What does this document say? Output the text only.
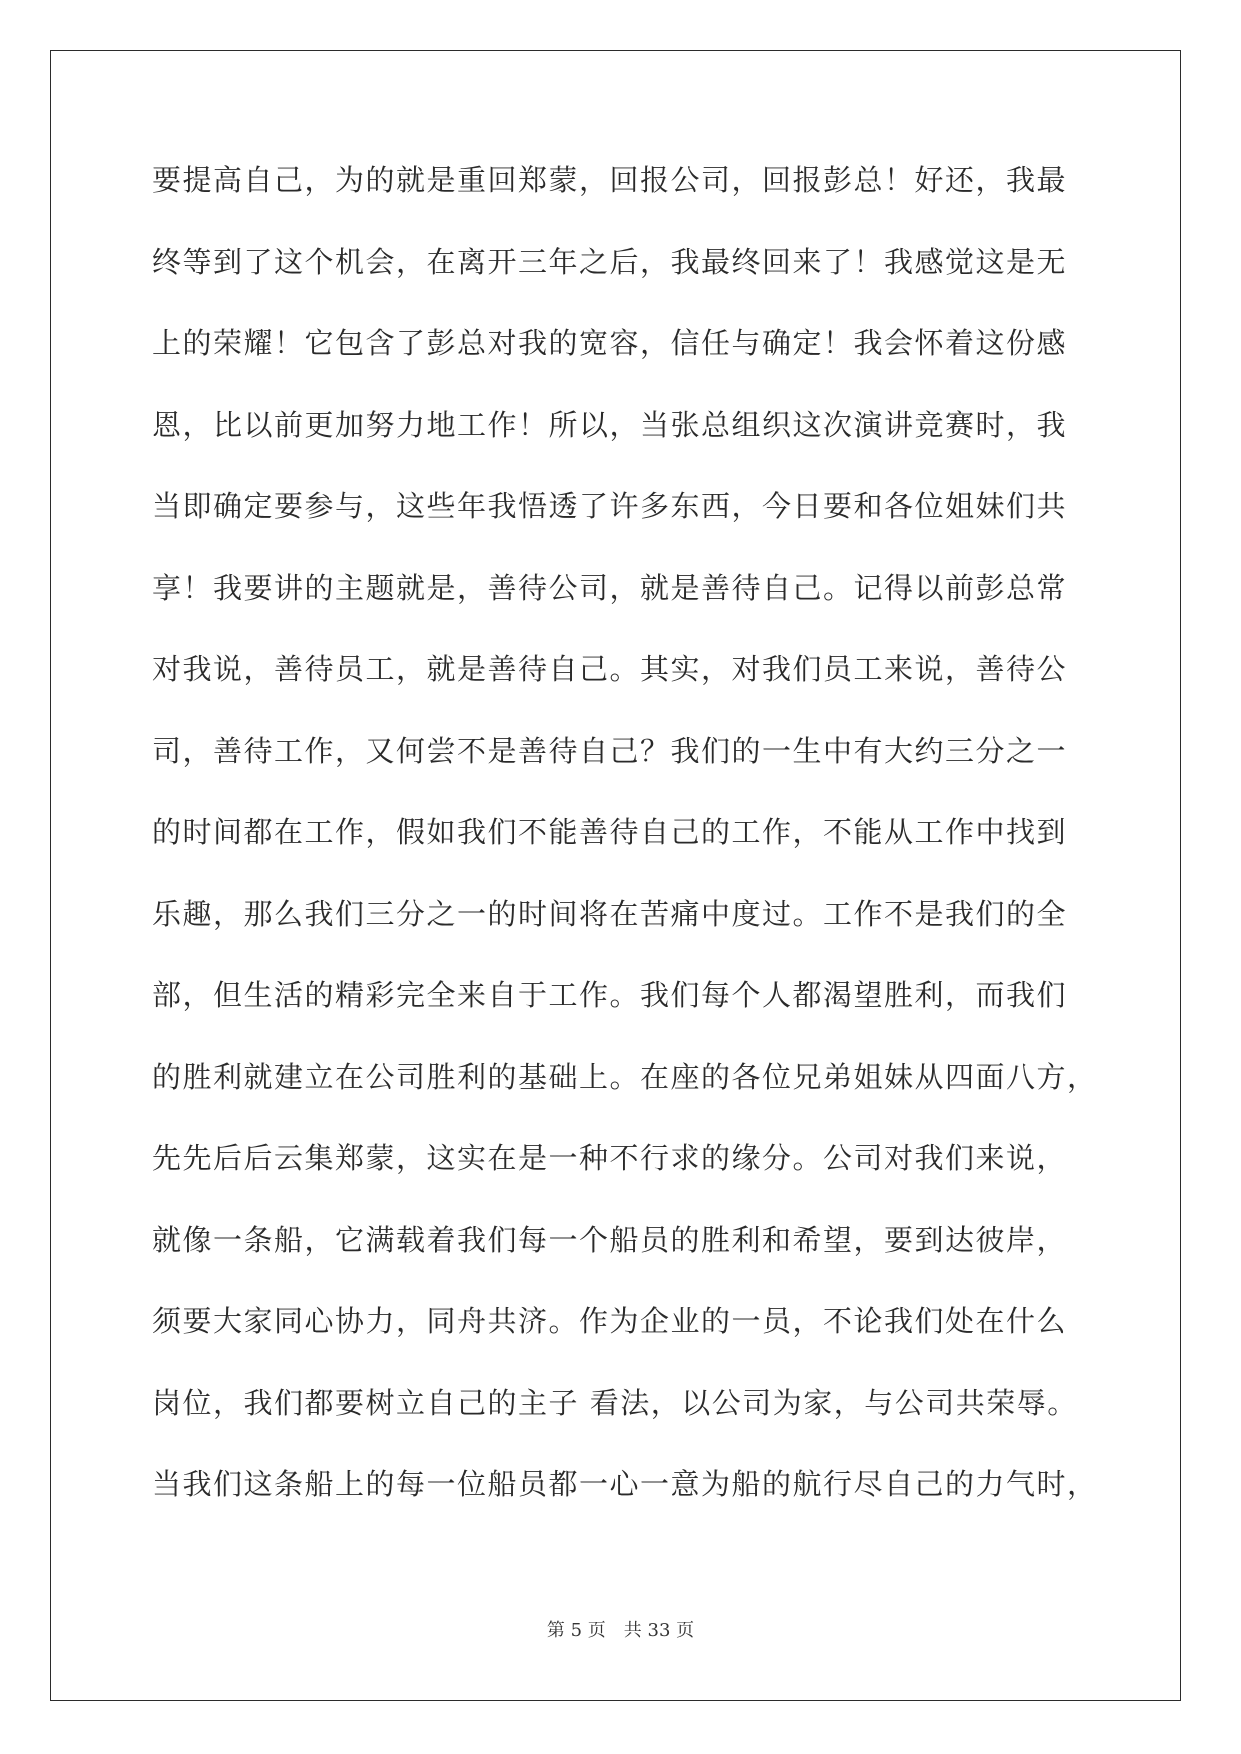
要提高自己，为的就是重回郑蒙，回报公司，回报彭总！好还，我最
终等到了这个机会，在离开三年之后，我最终回来了！我感觉这是无
上的荣耀！它包含了彭总对我的宽容，信任与确定！我会怀着这份感
恩，比以前更加努力地工作！所以，当张总组织这次演讲竞赛时，我
当即确定要参与，这些年我悟透了许多东西，今日要和各位姐妹们共
享！我要讲的主题就是，善待公司，就是善待自己。记得以前彭总常
对我说，善待员工，就是善待自己。其实，对我们员工来说，善待公
司，善待工作，又何尝不是善待自己？我们的一生中有大约三分之一
的时间都在工作，假如我们不能善待自己的工作，不能从工作中找到
乐趣，那么我们三分之一的时间将在苦痛中度过。工作不是我们的全
部，但生活的精彩完全来自于工作。我们每个人都渴望胜利，而我们
的胜利就建立在公司胜利的基础上。在座的各位兄弟姐妹从四面八方，
先先后后云集郑蒙，这实在是一种不行求的缘分。公司对我们来说，
就像一条船，它满载着我们每一个船员的胜利和希望，要到达彼岸，
须要大家同心协力，同舟共济。作为企业的一员，不论我们处在什么
岗位，我们都要树立自己的主子 看法，以公司为家，与公司共荣辱。
当我们这条船上的每一位船员都一心一意为船的航行尽自己的力气时，
第 5 页 共 33 页
